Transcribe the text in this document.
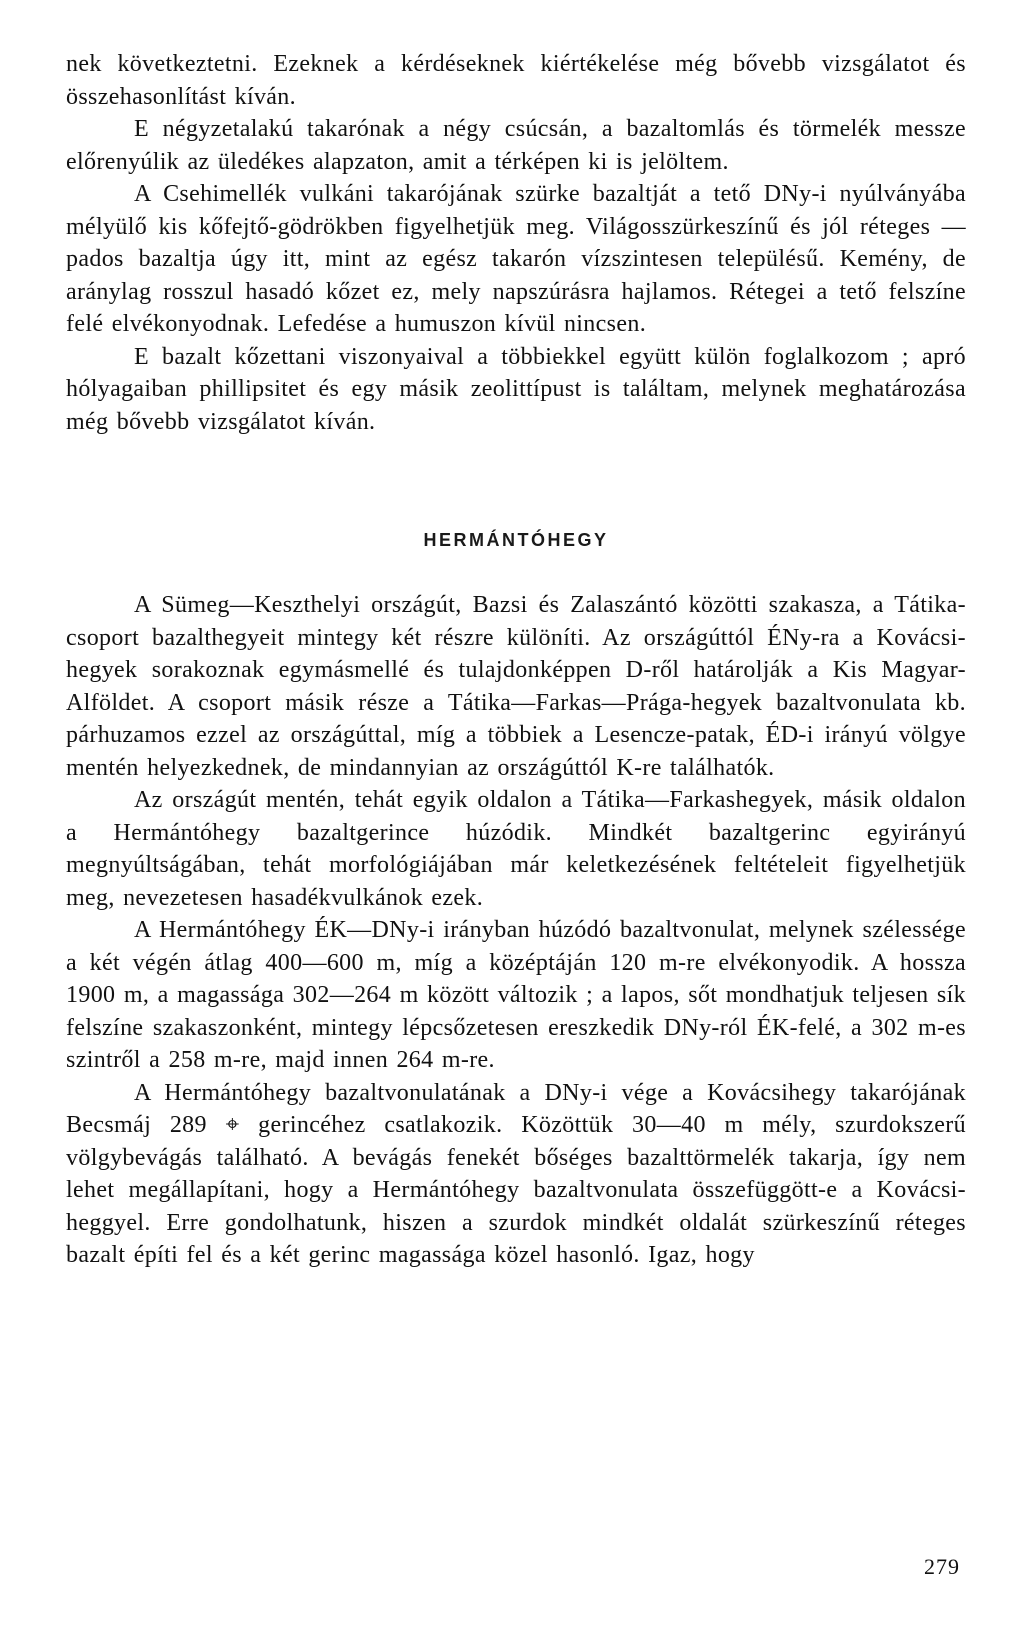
nek következtetni. Ezeknek a kérdéseknek kiértékelése még bővebb vizsgálatot és összehasonlítást kíván.

E négyzetalakú takarónak a négy csúcsán, a bazaltomlás és törmelék messze előrenyúlik az üledékes alapzaton, amit a térképen ki is jelöltem.

A Csehimellék vulkáni takarójának szürke bazaltját a tető DNy-i nyúlványába mélyülő kis kőfejtő-gödrökben figyelhetjük meg. Világosszürkeszínű és jól réteges — pados bazaltja úgy itt, mint az egész takarón vízszintesen településű. Kemény, de aránylag rosszul hasadó kőzet ez, mely napszúrásra hajlamos. Rétegei a tető felszíne felé elvékonyodnak. Lefedése a humuszon kívül nincsen.

E bazalt kőzettani viszonyaival a többiekkel együtt külön foglalkozom ; apró hólyagaiban phillipsitet és egy másik zeolittípust is találtam, melynek meghatározása még bővebb vizsgálatot kíván.

HERMÁNTÓHEGY

A Sümeg—Keszthelyi országút, Bazsi és Zalaszántó közötti szakasza, a Tátika-csoport bazalthegyeit mintegy két részre különíti. Az országúttól ÉNy-ra a Kovácsi-hegyek sorakoznak egymásmellé és tulajdonképpen D-ről határolják a Kis Magyar-Alföldet. A csoport másik része a Tátika—Farkas—Prága-hegyek bazaltvonulata kb. párhuzamos ezzel az országúttal, míg a többiek a Lesencze-patak, ÉD-i irányú völgye mentén helyezkednek, de mindannyian az országúttól K-re találhatók.

Az országút mentén, tehát egyik oldalon a Tátika—Farkashegyek, másik oldalon a Hermántóhegy bazaltgerince húzódik. Mindkét bazaltgerinc egyirányú megnyúltságában, tehát morfológiájában már keletkezésének feltételeit figyelhetjük meg, nevezetesen hasadékvulkánok ezek.

A Hermántóhegy ÉK—DNy-i irányban húzódó bazaltvonulat, melynek szélessége a két végén átlag 400—600 m, míg a középtáján 120 m-re elvékonyodik. A hossza 1900 m, a magassága 302—264 m között változik ; a lapos, sőt mondhatjuk teljesen sík felszíne szakaszonként, mintegy lépcsőzetesen ereszkedik DNy-ról ÉK-felé, a 302 m-es szintről a 258 m-re, majd innen 264 m-re.

A Hermántóhegy bazaltvonulatának a DNy-i vége a Kovácsihegy takarójának Becsmáj 289 ⌖ gerincéhez csatlakozik. Közöttük 30—40 m mély, szurdokszerű völgybevágás található. A bevágás fenekét bőséges bazalttörmelék takarja, így nem lehet megállapítani, hogy a Hermántóhegy bazaltvonulata összefüggött-e a Kovácsi-heggyel. Erre gondolhatunk, hiszen a szurdok mindkét oldalát szürkeszínű réteges bazalt építi fel és a két gerinc magassága közel hasonló. Igaz, hogy

279
